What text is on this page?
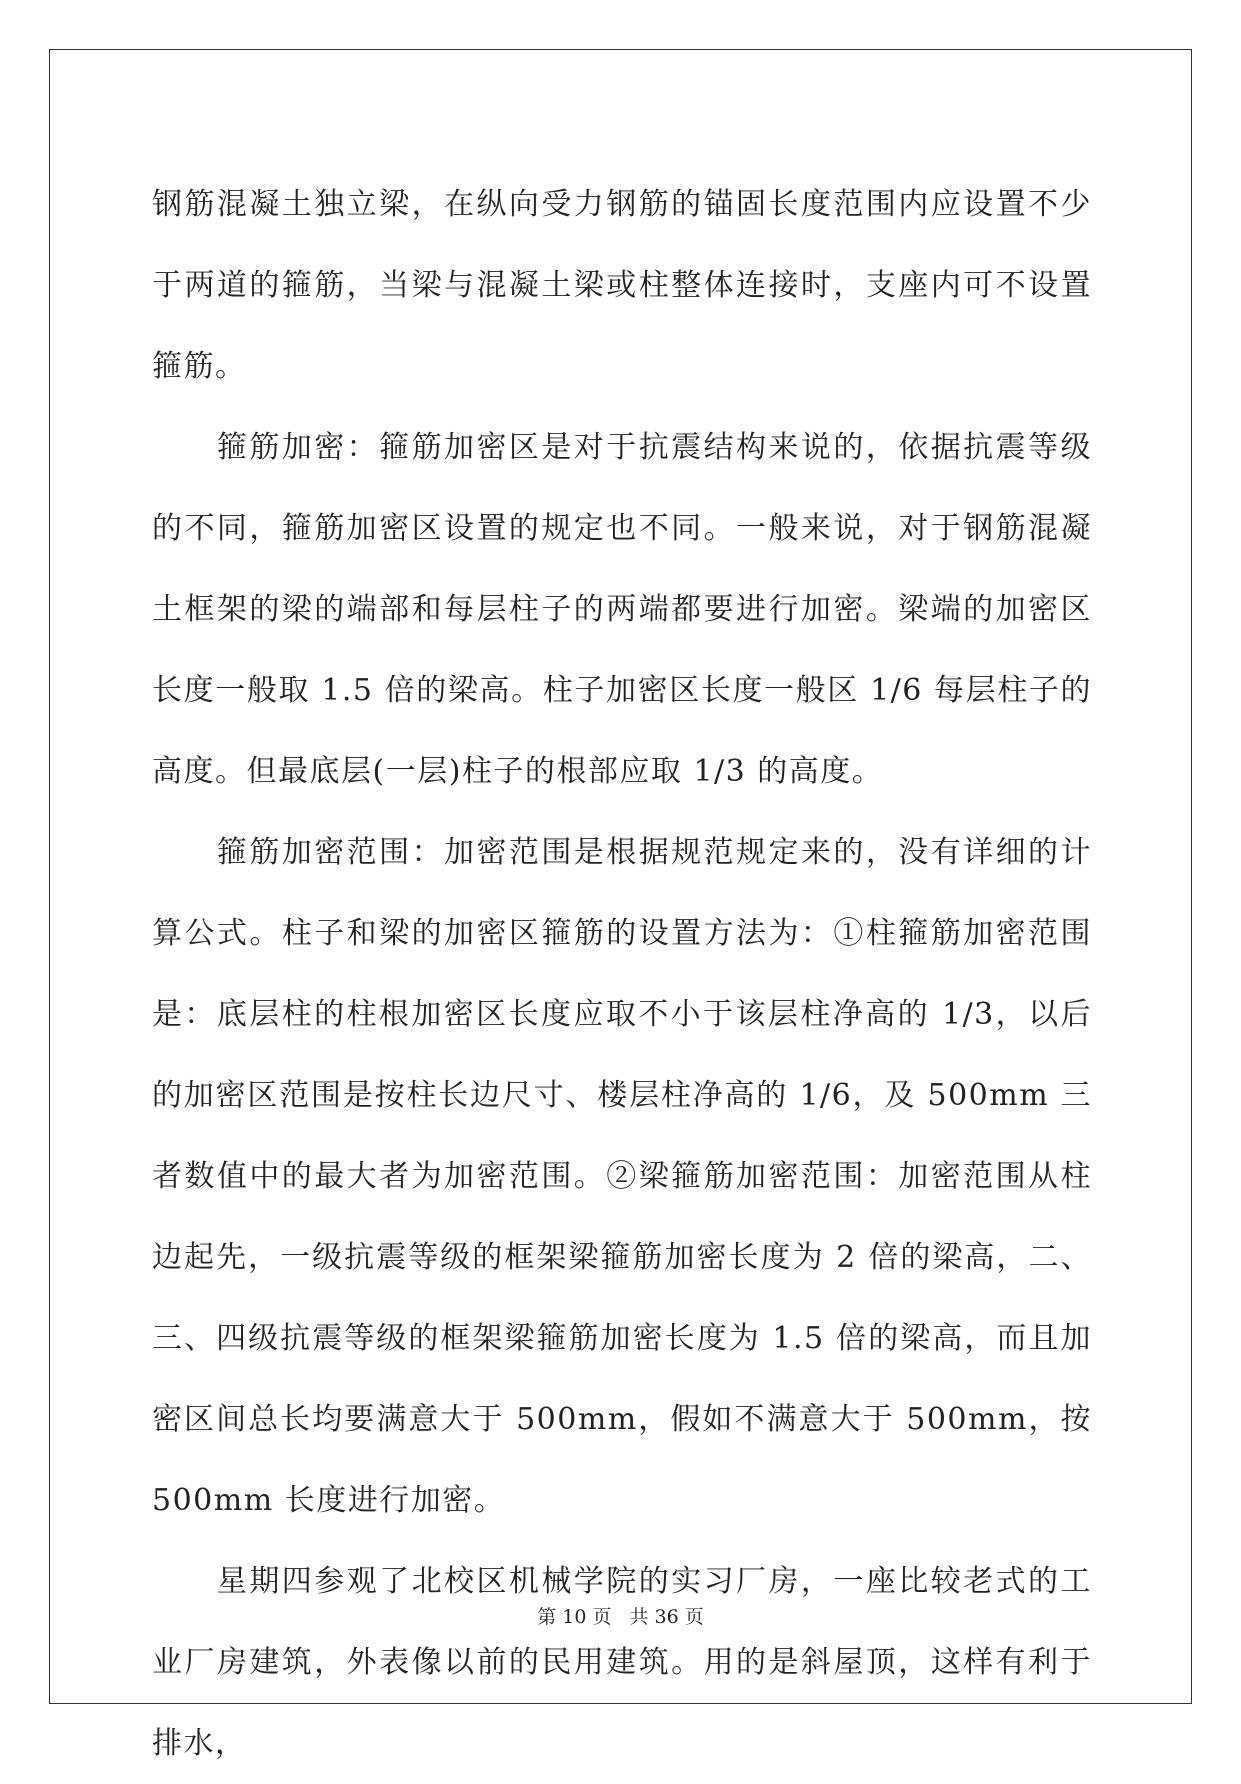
钢筋混凝土独立梁，在纵向受力钢筋的锚固长度范围内应设置不少于两道的箍筋，当梁与混凝土梁或柱整体连接时，支座内可不设置箍筋。

　　箍筋加密：箍筋加密区是对于抗震结构来说的，依据抗震等级的不同，箍筋加密区设置的规定也不同。一般来说，对于钢筋混凝土框架的梁的端部和每层柱子的两端都要进行加密。梁端的加密区长度一般取 1.5 倍的梁高。柱子加密区长度一般区 1/6 每层柱子的高度。但最底层(一层)柱子的根部应取 1/3 的高度。

　　箍筋加密范围：加密范围是根据规范规定来的，没有详细的计算公式。柱子和梁的加密区箍筋的设置方法为：①柱箍筋加密范围是：底层柱的柱根加密区长度应取不小于该层柱净高的 1/3，以后的加密区范围是按柱长边尺寸、楼层柱净高的 1/6，及 500mm 三者数值中的最大者为加密范围。②梁箍筋加密范围：加密范围从柱边起先，一级抗震等级的框架梁箍筋加密长度为 2 倍的梁高，二、三、四级抗震等级的框架梁箍筋加密长度为 1.5 倍的梁高，而且加密区间总长均要满意大于 500mm，假如不满意大于 500mm，按 500mm 长度进行加密。

　　星期四参观了北校区机械学院的实习厂房，一座比较老式的工业厂房建筑，外表像以前的民用建筑。用的是斜屋顶，这样有利于排水，

第 10 页 共 36 页
